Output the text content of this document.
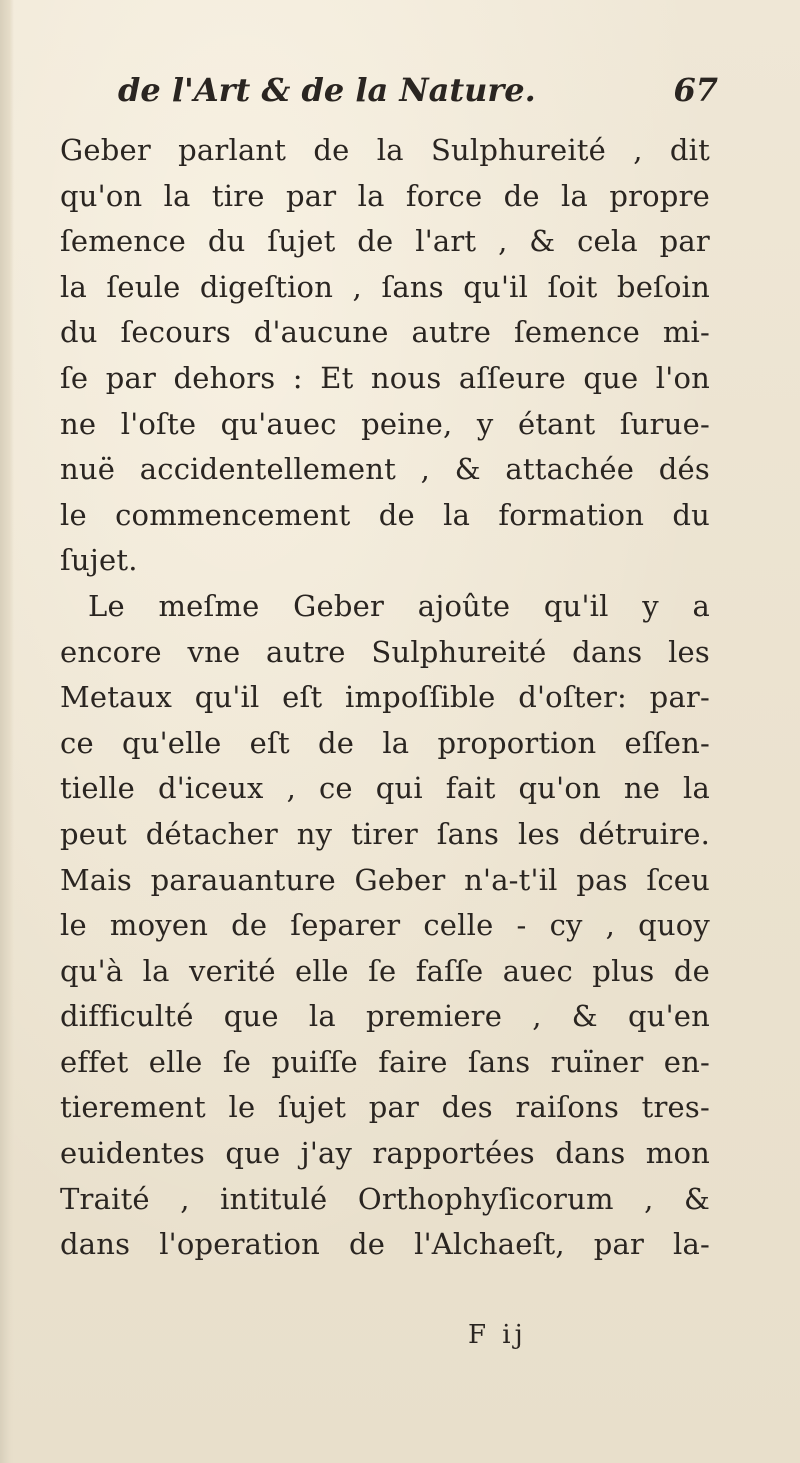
de l'Art & de la Nature.	67
Geber parlant de la Sulphureité , dit
qu'on la tire par la force de la propre
ſemence du ſujet de l'art , & cela par
la ſeule digeſtion , ſans qu'il ſoit beſoin
du ſecours d'aucune autre ſemence mi-
ſe par dehors : Et nous aſſeure que l'on
ne l'oſte qu'auec peine, y étant ſurue-
nuë accidentellement , & attachée dés
le commencement de la formation du
ſujet.
Le meſme Geber ajoûte qu'il y a
encore vne autre Sulphureité dans les
Metaux qu'il eſt impoſſible d'oſter: par-
ce qu'elle eſt de la proportion eſſen-
tielle d'iceux , ce qui fait qu'on ne la
peut détacher ny tirer ſans les détruire.
Mais parauanture Geber n'a-t'il pas ſceu
le moyen de ſeparer celle - cy , quoy
qu'à la verité elle ſe faſſe auec plus de
difficulté que la premiere , & qu'en
effet elle ſe puiſſe faire ſans ruïner en-
tierement le ſujet par des raiſons tres-
euidentes que j'ay rapportées dans mon
Traité , intitulé Orthophyſicorum , &
dans l'operation de l'Alchaeſt, par la-
F ij
